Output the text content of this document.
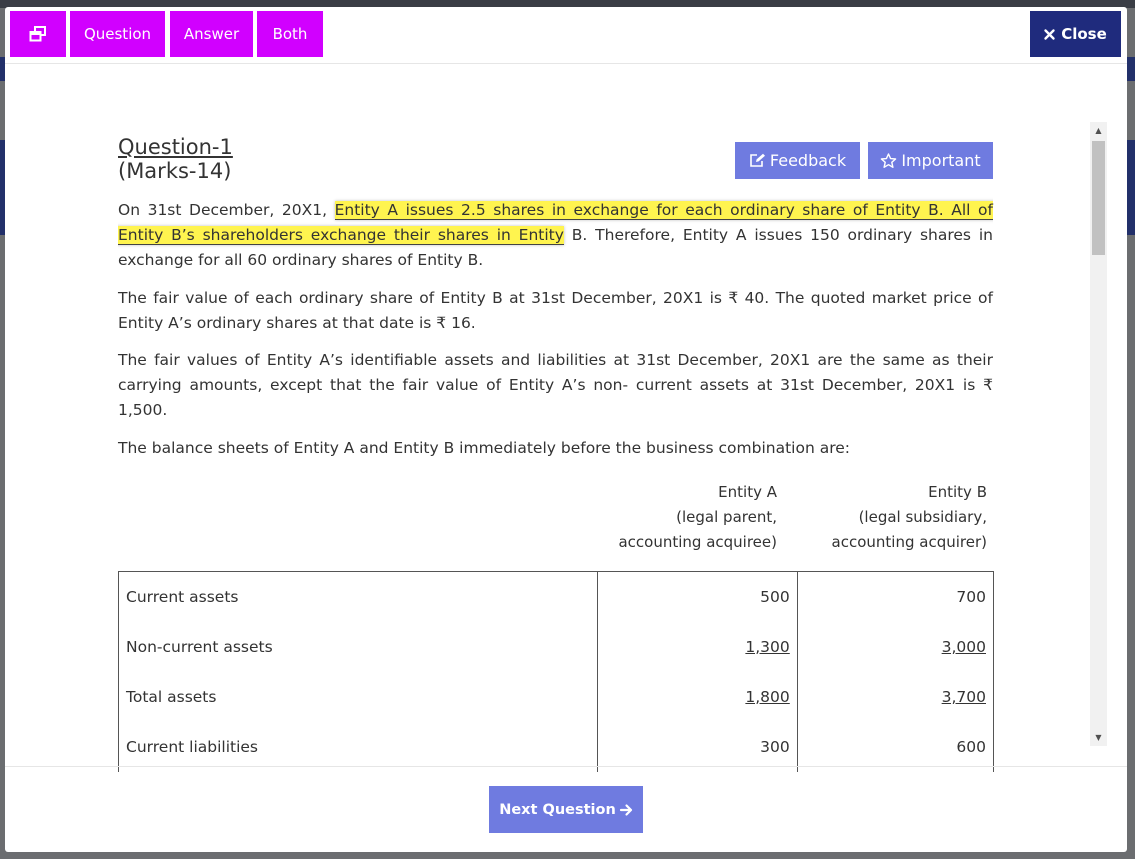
Question	Answer	Both	Close
Question-1
(Marks-14)	Feedback	Important

On 31st December, 20X1, Entity A issues 2.5 shares in exchange for each ordinary share of Entity B. All of Entity B’s shareholders exchange their shares in Entity B. Therefore, Entity A issues 150 ordinary shares in exchange for all 60 ordinary shares of Entity B.

The fair value of each ordinary share of Entity B at 31st December, 20X1 is ₹ 40. The quoted market price of Entity A’s ordinary shares at that date is ₹ 16.

The fair values of Entity A’s identifiable assets and liabilities at 31st December, 20X1 are the same as their carrying amounts, except that the fair value of Entity A’s non- current assets at 31st December, 20X1 is ₹ 1,500.

The balance sheets of Entity A and Entity B immediately before the business combination are:

Entity A
(legal parent,
accounting acquiree)
Entity B
(legal subsidiary,
accounting acquirer)
Current assets	500	700
Non-current assets	1,300	3,000
Total assets	1,800	3,700
Current liabilities	300	600
▲
▼
Next Question
